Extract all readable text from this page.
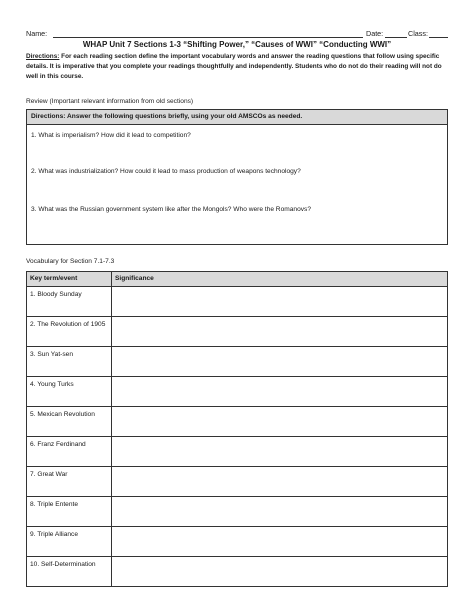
Name:	Date:	Class:
WHAP Unit 7 Sections 1-3 “Shifting Power,” “Causes of WWI” “Conducting WWI”
Directions: For each reading section define the important vocabulary words and answer the reading questions that follow using specific details. It is imperative that you complete your readings thoughtfully and independently. Students who do not do their reading will not do well in this course.
Review (Important relevant information from old sections)
Directions: Answer the following questions briefly, using your old AMSCOs as needed.
1. What is imperialism? How did it lead to competition?
2. What was industrialization? How could it lead to mass production of weapons technology?
3. What was the Russian government system like after the Mongols? Who were the Romanovs?
Vocabulary for Section 7.1-7.3
Key term/event	Significance
1. Bloody Sunday	
2. The Revolution of 1905	
3. Sun Yat-sen	
4. Young Turks	
5. Mexican Revolution	
6. Franz Ferdinand	
7. Great War	
8. Triple Entente	
9. Triple Alliance	
10. Self-Determination	
